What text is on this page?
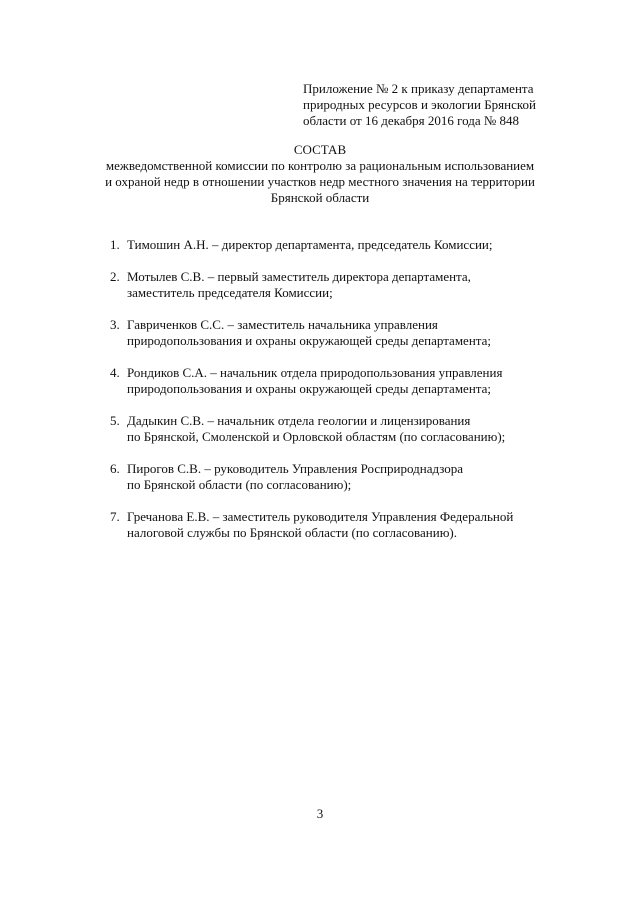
Приложение № 2 к приказу департамента
природных ресурсов и экологии Брянской
области от 16 декабря 2016 года № 848
СОСТАВ
межведомственной комиссии по контролю за рациональным использованием
и охраной недр в отношении участков недр местного значения на территории
Брянской области
1. Тимошин А.Н. – директор департамента, председатель Комиссии;
2. Мотылев С.В. – первый заместитель директора департамента,
заместитель председателя Комиссии;
3. Гавриченков С.С. – заместитель начальника управления
природопользования и охраны окружающей среды департамента;
4. Рондиков С.А. – начальник отдела природопользования управления
природопользования и охраны окружающей среды департамента;
5. Дадыкин С.В. – начальник отдела геологии и лицензирования
по Брянской, Смоленской и Орловской областям (по согласованию);
6. Пирогов С.В. – руководитель Управления Росприроднадзора
по Брянской области (по согласованию);
7. Гречанова Е.В. – заместитель руководителя Управления Федеральной
налоговой службы по Брянской области (по согласованию).
3
